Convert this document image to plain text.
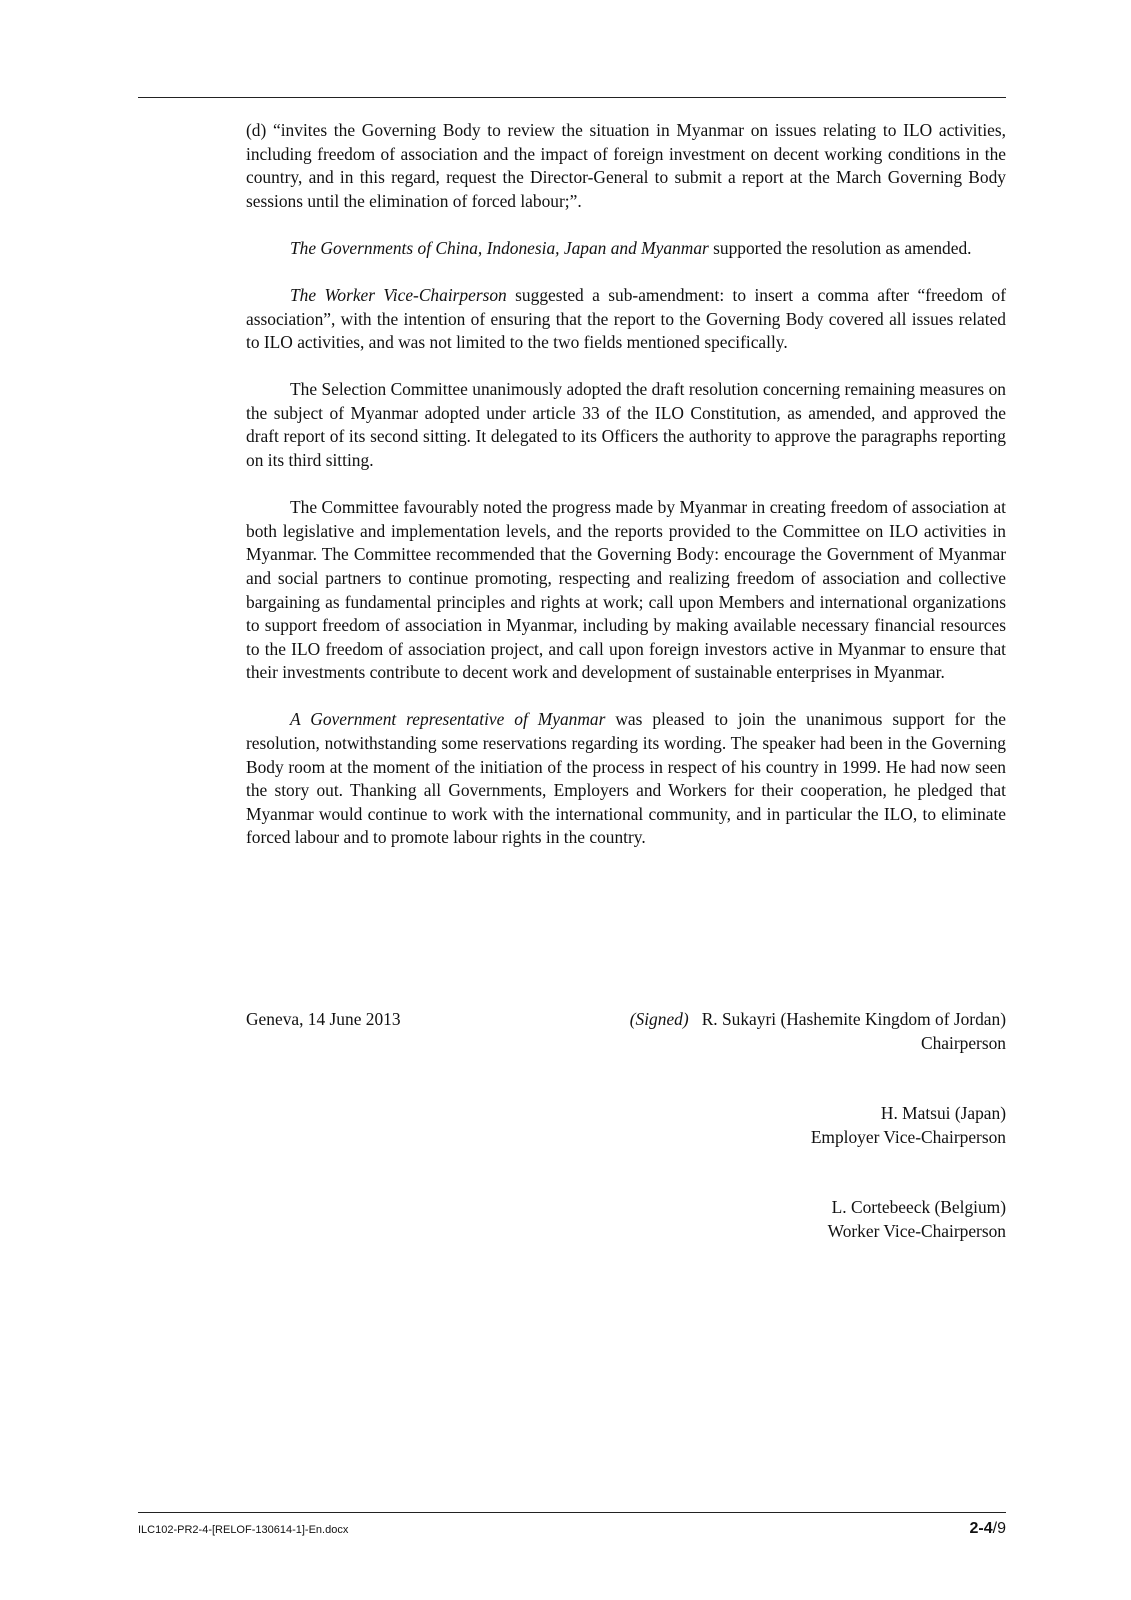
(d) “invites the Governing Body to review the situation in Myanmar on issues relating to ILO activities, including freedom of association and the impact of foreign investment on decent working conditions in the country, and in this regard, request the Director-General to submit a report at the March Governing Body sessions until the elimination of forced labour;”.

The Governments of China, Indonesia, Japan and Myanmar supported the resolution as amended.

The Worker Vice-Chairperson suggested a sub-amendment: to insert a comma after “freedom of association”, with the intention of ensuring that the report to the Governing Body covered all issues related to ILO activities, and was not limited to the two fields mentioned specifically.

The Selection Committee unanimously adopted the draft resolution concerning remaining measures on the subject of Myanmar adopted under article 33 of the ILO Constitution, as amended, and approved the draft report of its second sitting. It delegated to its Officers the authority to approve the paragraphs reporting on its third sitting.

The Committee favourably noted the progress made by Myanmar in creating freedom of association at both legislative and implementation levels, and the reports provided to the Committee on ILO activities in Myanmar. The Committee recommended that the Governing Body: encourage the Government of Myanmar and social partners to continue promoting, respecting and realizing freedom of association and collective bargaining as fundamental principles and rights at work; call upon Members and international organizations to support freedom of association in Myanmar, including by making available necessary financial resources to the ILO freedom of association project, and call upon foreign investors active in Myanmar to ensure that their investments contribute to decent work and development of sustainable enterprises in Myanmar.

A Government representative of Myanmar was pleased to join the unanimous support for the resolution, notwithstanding some reservations regarding its wording. The speaker had been in the Governing Body room at the moment of the initiation of the process in respect of his country in 1999. He had now seen the story out. Thanking all Governments, Employers and Workers for their cooperation, he pledged that Myanmar would continue to work with the international community, and in particular the ILO, to eliminate forced labour and to promote labour rights in the country.

Geneva, 14 June 2013	(Signed) R. Sukayri (Hashemite Kingdom of Jordan)
Chairperson
H. Matsui (Japan)
Employer Vice-Chairperson
L. Cortebeeck (Belgium)
Worker Vice-Chairperson
ILC102-PR2-4-[RELOF-130614-1]-En.docx	2-4/9
